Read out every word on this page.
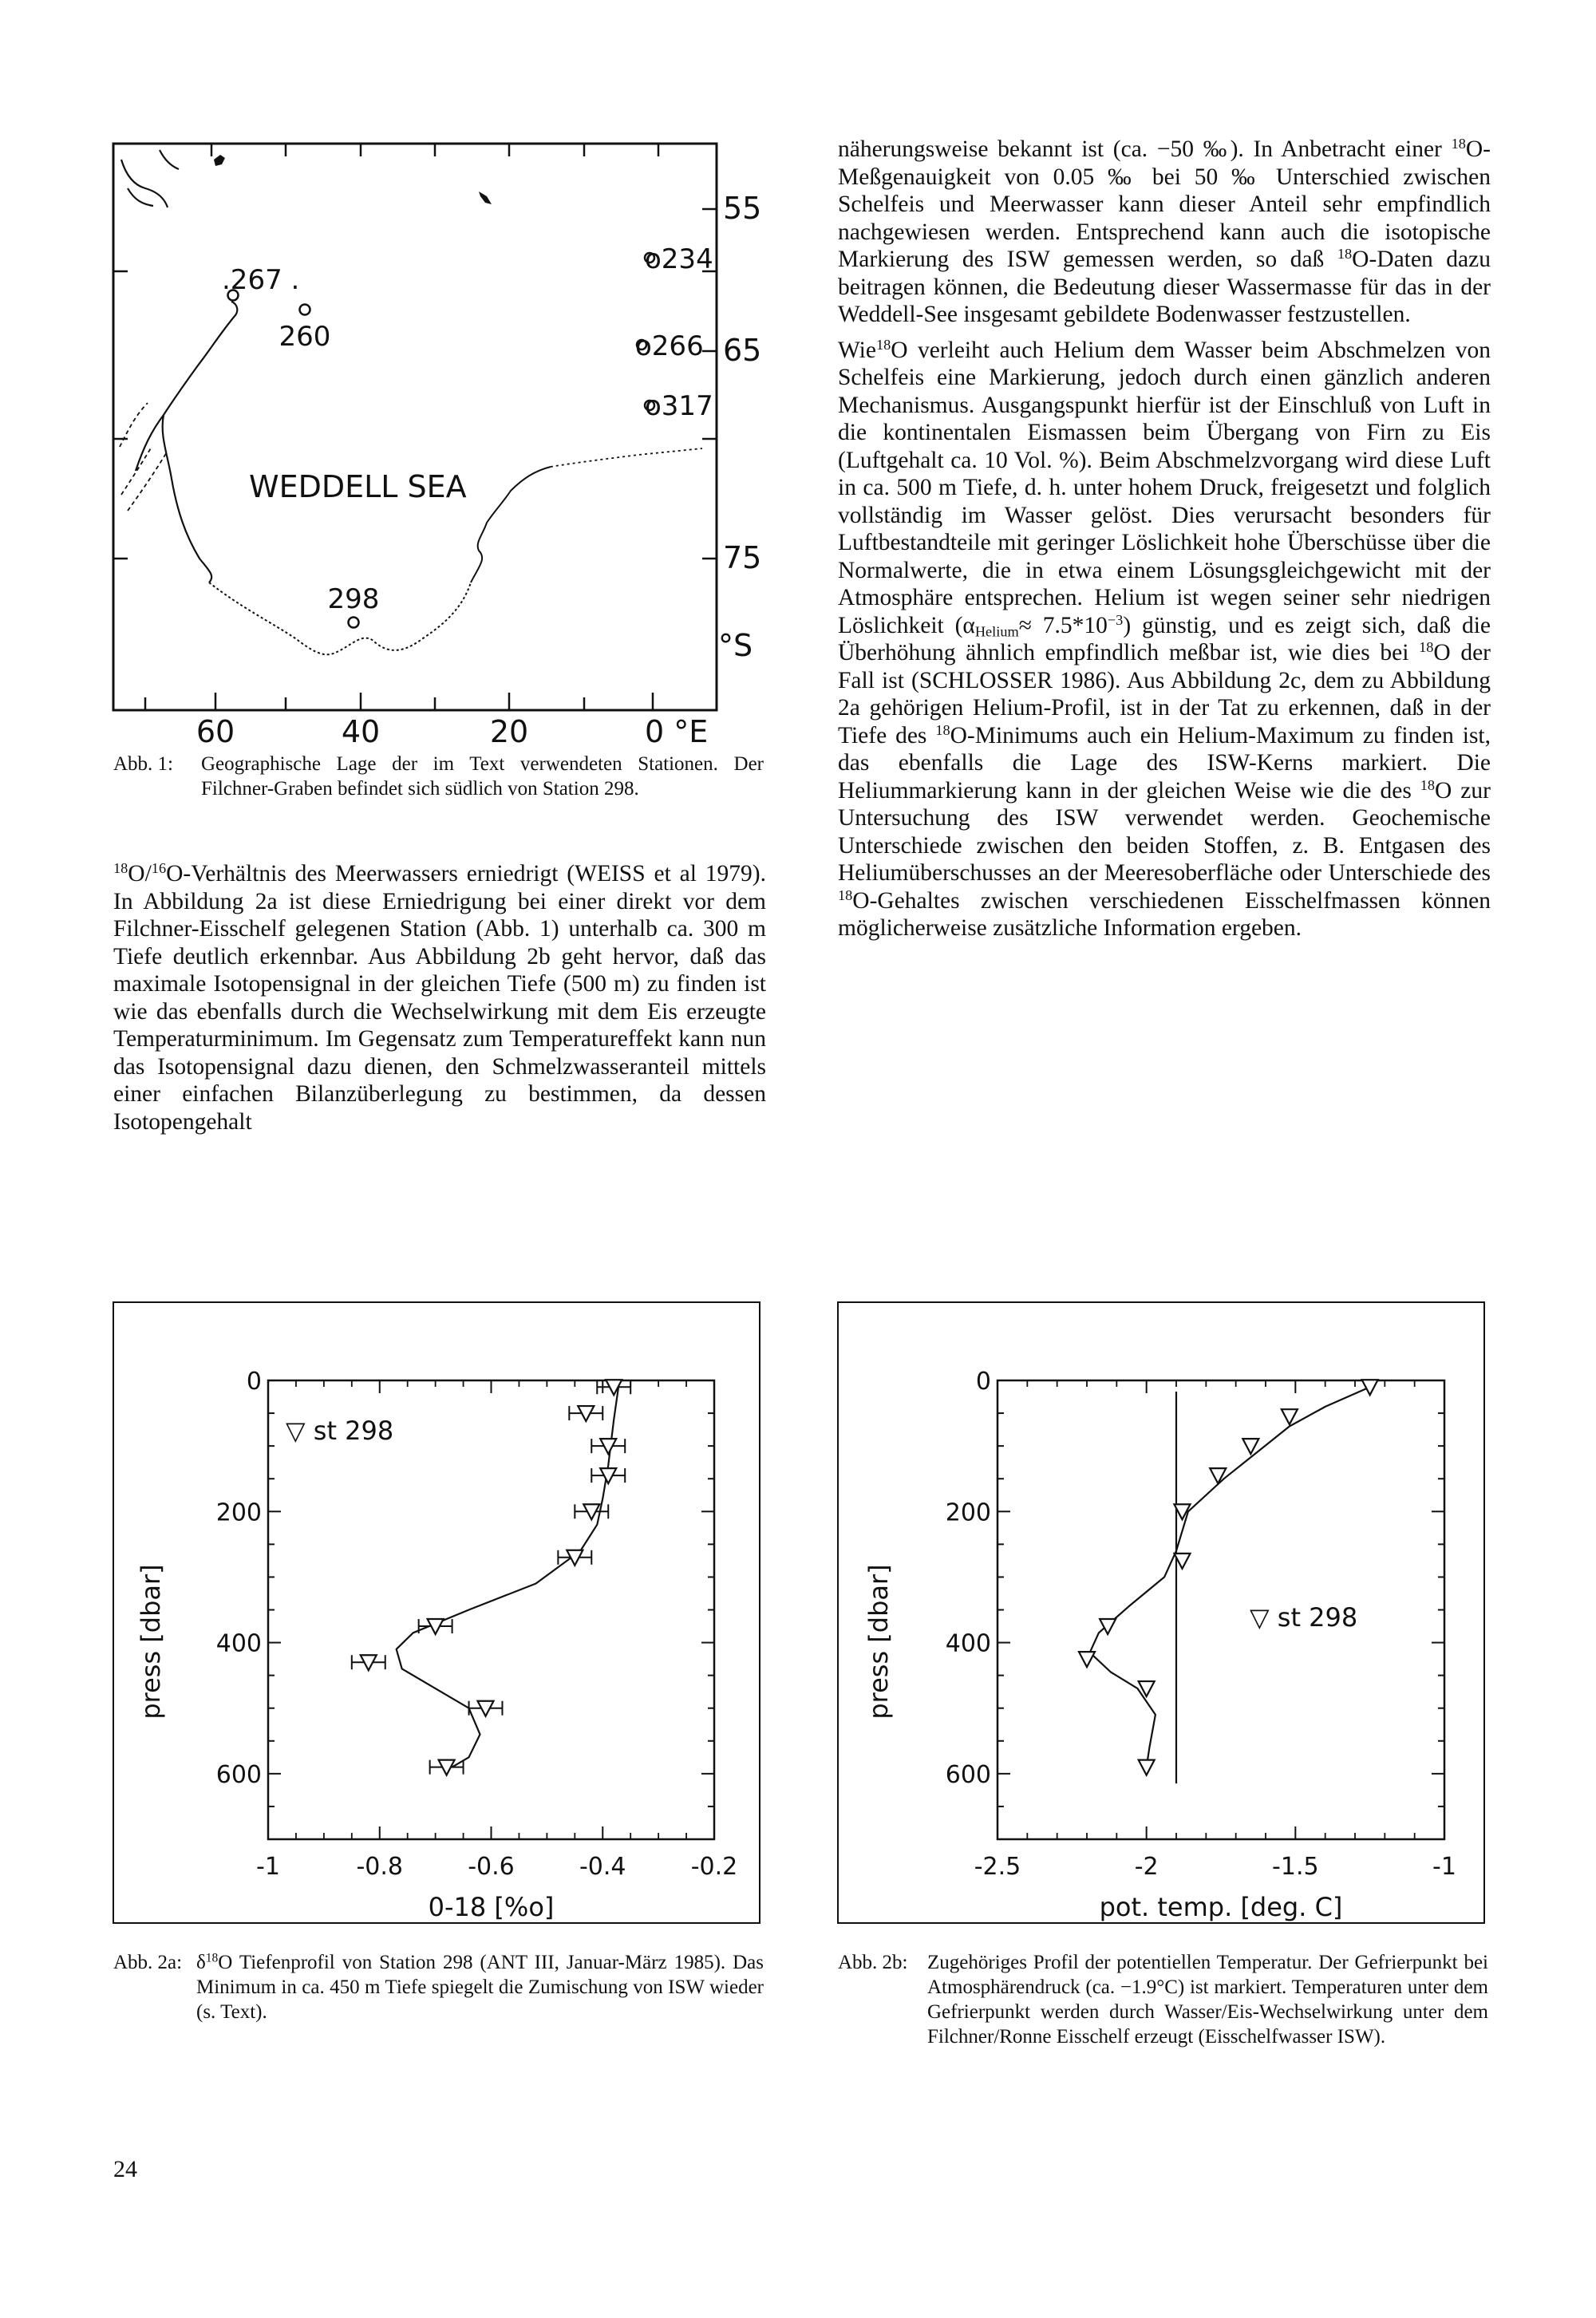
.267 .
260
o234
o266
o317
298
WEDDELL SEA
55
65
75
°S
60	40	20	0 °E
Abb. 1: Geographische Lage der im Text verwendeten Stationen. Der Filchner-Graben befindet sich südlich von Station 298.

$^{18}$O/$^{16}$O-Verhältnis des Meerwassers erniedrigt (WEISS et al 1979). In Abbildung 2a ist diese Erniedrigung bei einer direkt vor dem Filchner-Eisschelf gelegenen Station (Abb. 1) unterhalb ca. 300 m Tiefe deutlich erkennbar. Aus Abbildung 2b geht hervor, daß das maximale Isotopensignal in der gleichen Tiefe (500 m) zu finden ist wie das ebenfalls durch die Wechselwirkung mit dem Eis erzeugte Temperaturminimum. Im Gegensatz zum Temperatureffekt kann nun das Isotopensignal dazu dienen, den Schmelzwasseranteil mittels einer einfachen Bilanzüberlegung zu bestimmen, da dessen Isotopengehalt

näherungsweise bekannt ist (ca. −50 ‰). In Anbetracht einer $^{18}$O- Meßgenauigkeit von 0.05 ‰ bei 50 ‰ Unterschied zwischen Schelfeis und Meerwasser kann dieser Anteil sehr empfindlich nachgewiesen werden. Entsprechend kann auch die isotopische Markierung des ISW gemessen werden, so daß $^{18}$O-Daten dazu beitragen können, die Bedeutung dieser Wassermasse für das in der Weddell-See insgesamt gebildete Bodenwasser festzustellen.

Wie$^{18}$O verleiht auch Helium dem Wasser beim Abschmelzen von Schelfeis eine Markierung, jedoch durch einen gänzlich anderen Mechanismus. Ausgangspunkt hierfür ist der Einschluß von Luft in die kontinentalen Eismassen beim Übergang von Firn zu Eis (Luftgehalt ca. 10 Vol. %). Beim Abschmelzvorgang wird diese Luft in ca. 500 m Tiefe, d. h. unter hohem Druck, freigesetzt und folglich vollständig im Wasser gelöst. Dies verursacht besonders für Luftbestandteile mit geringer Löslichkeit hohe Überschüsse über die Normalwerte, die in etwa einem Lösungsgleichgewicht mit der Atmosphäre entsprechen. Helium ist wegen seiner sehr niedrigen Löslichkeit $(\alpha_{Helium}\approx 7.5*10^{-3})$ günstig, und es zeigt sich, daß die Überhöhung ähnlich empfindlich meßbar ist, wie dies bei $^{18}$O der Fall ist (SCHLOSSER 1986). Aus Abbildung 2c, dem zu Abbildung 2a gehörigen Helium-Profil, ist in der Tat zu erkennen, daß in der Tiefe des $^{18}$O-Minimums auch ein Helium-Maximum zu finden ist, das ebenfalls die Lage des ISW-Kerns markiert. Die Heliummarkierung kann in der gleichen Weise wie die des $^{18}$O zur Untersuchung des ISW verwendet werden. Geochemische Unterschiede zwischen den beiden Stoffen, z. B. Entgasen des Heliumüberschusses an der Meeresoberfläche oder Unterschiede des $^{18}$O-Gehaltes zwischen verschiedenen Eisschelfmassen können möglicherweise zusätzliche Information ergeben.

-1	-0.8	-0.6	-0.4	-0.2
0
200
400
600
0-18 [%o]
press [dbar]
▽ st 298
-2.5	-2	-1.5	-1
0
200
400
600
pot. temp. [deg. C]
press [dbar]	▽ st 298
Abb. 2a: $\delta^{18}O$ Tiefenprofil von Station 298 (ANT III, Januar-März 1985). Das Minimum in ca. 450 m Tiefe spiegelt die Zumischung von ISW wieder (s. Text).
Abb. 2b: Zugehöriges Profil der potentiellen Temperatur. Der Gefrierpunkt bei Atmosphärendruck (ca. −1.9°C) ist markiert. Temperaturen unter dem Gefrierpunkt werden durch Wasser/Eis-Wechselwirkung unter dem Filchner/Ronne Eisschelf erzeugt (Eisschelfwasser ISW).
24
